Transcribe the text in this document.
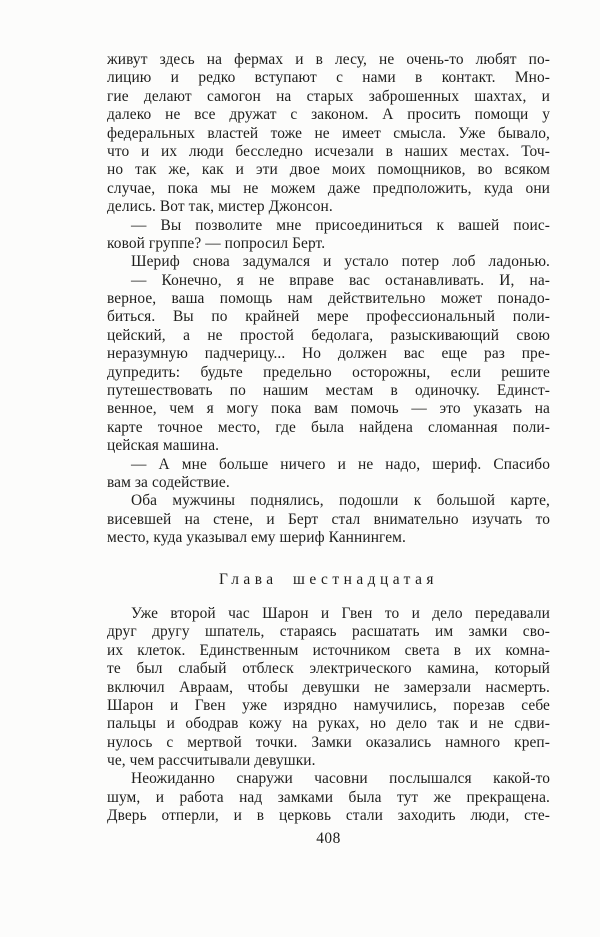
живут здесь на фермах и в лесу, не очень-то любят по-
лицию и редко вступают с нами в контакт. Мно-
гие делают самогон на старых заброшенных шахтах, и
далеко не все дружат с законом. А просить помощи у
федеральных властей тоже не имеет смысла. Уже бывало,
что и их люди бесследно исчезали в наших местах. Точ-
но так же, как и эти двое моих помощников, во всяком
случае, пока мы не можем даже предположить, куда они
делись. Вот так, мистер Джонсон.
— Вы позволите мне присоединиться к вашей поис-
ковой группе? — попросил Берт.
Шериф снова задумался и устало потер лоб ладонью.
— Конечно, я не вправе вас останавливать. И, на-
верное, ваша помощь нам действительно может понадо-
биться. Вы по крайней мере профессиональный поли-
цейский, а не простой бедолага, разыскивающий свою
неразумную падчерицу... Но должен вас еще раз пре-
дупредить: будьте предельно осторожны, если решите
путешествовать по нашим местам в одиночку. Единст-
венное, чем я могу пока вам помочь — это указать на
карте точное место, где была найдена сломанная поли-
цейская машина.
— А мне больше ничего и не надо, шериф. Спасибо
вам за содействие.
Оба мужчины поднялись, подошли к большой карте,
висевшей на стене, и Берт стал внимательно изучать то
место, куда указывал ему шериф Каннингем.
Глава шестнадцатая
Уже второй час Шарон и Гвен то и дело передавали
друг другу шпатель, стараясь расшатать им замки сво-
их клеток. Единственным источником света в их комна-
те был слабый отблеск электрического камина, который
включил Авраам, чтобы девушки не замерзали насмерть.
Шарон и Гвен уже изрядно намучились, порезав себе
пальцы и ободрав кожу на руках, но дело так и не сдви-
нулось с мертвой точки. Замки оказались намного креп-
че, чем рассчитывали девушки.
Неожиданно снаружи часовни послышался какой-то
шум, и работа над замками была тут же прекращена.
Дверь отперли, и в церковь стали заходить люди, сте-
408
